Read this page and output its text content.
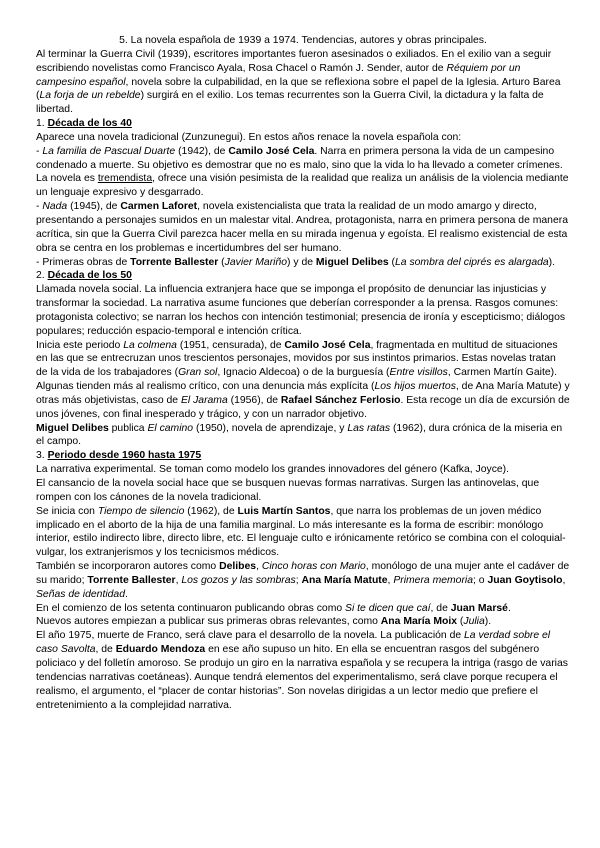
5. La novela española de 1939 a 1974. Tendencias, autores y obras principales.

Al terminar la Guerra Civil (1939), escritores importantes fueron asesinados o exiliados. En el exilio van a seguir escribiendo novelistas como Francisco Ayala, Rosa Chacel o Ramón J. Sender, autor de Réquiem por un campesino español, novela sobre la culpabilidad, en la que se reflexiona sobre el papel de la Iglesia. Arturo Barea (La forja de un rebelde) surgirá en el exilio. Los temas recurrentes son la Guerra Civil, la dictadura y la falta de libertad.

1. Década de los 40

Aparece una novela tradicional (Zunzunegui). En estos años renace la novela española con:

- La familia de Pascual Duarte (1942), de Camilo José Cela. Narra en primera persona la vida de un campesino condenado a muerte. Su objetivo es demostrar que no es malo, sino que la vida lo ha llevado a cometer crímenes. La novela es tremendista, ofrece una visión pesimista de la realidad que realiza un análisis de la violencia mediante un lenguaje expresivo y desgarrado.

- Nada (1945), de Carmen Laforet, novela existencialista que trata la realidad de un modo amargo y directo, presentando a personajes sumidos en un malestar vital. Andrea, protagonista, narra en primera persona de manera acrítica, sin que la Guerra Civil parezca hacer mella en su mirada ingenua y egoísta. El realismo existencial de esta obra se centra en los problemas e incertidumbres del ser humano.

- Primeras obras de Torrente Ballester (Javier Mariño) y de Miguel Delibes (La sombra del ciprés es alargada).

2. Década de los 50

Llamada novela social. La influencia extranjera hace que se imponga el propósito de denunciar las injusticias y transformar la sociedad. La narrativa asume funciones que deberían corresponder a la prensa. Rasgos comunes: protagonista colectivo; se narran los hechos con intención testimonial; presencia de ironía y escepticismo; diálogos populares; reducción espacio-temporal e intención crítica.

Inicia este periodo La colmena (1951, censurada), de Camilo José Cela, fragmentada en multitud de situaciones en las que se entrecruzan unos trescientos personajes, movidos por sus instintos primarios. Estas novelas tratan de la vida de los trabajadores (Gran sol, Ignacio Aldecoa) o de la burguesía (Entre visillos, Carmen Martín Gaite). Algunas tienden más al realismo crítico, con una denuncia más explícita (Los hijos muertos, de Ana María Matute) y otras más objetivistas, caso de El Jarama (1956), de Rafael Sánchez Ferlosio. Esta recoge un día de excursión de unos jóvenes, con final inesperado y trágico, y con un narrador objetivo.

Miguel Delibes publica El camino (1950), novela de aprendizaje, y Las ratas (1962), dura crónica de la miseria en el campo.

3. Periodo desde 1960 hasta 1975

La narrativa experimental. Se toman como modelo los grandes innovadores del género (Kafka, Joyce).

El cansancio de la novela social hace que se busquen nuevas formas narrativas. Surgen las antinovelas, que rompen con los cánones de la novela tradicional.

Se inicia con Tiempo de silencio (1962), de Luis Martín Santos, que narra los problemas de un joven médico implicado en el aborto de la hija de una familia marginal. Lo más interesante es la forma de escribir: monólogo interior, estilo indirecto libre, directo libre, etc. El lenguaje culto e irónicamente retórico se combina con el coloquial-vulgar, los extranjerismos y los tecnicismos médicos.

También se incorporaron autores como Delibes, Cinco horas con Mario, monólogo de una mujer ante el cadáver de su marido; Torrente Ballester, Los gozos y las sombras; Ana María Matute, Primera memoria; o Juan Goytisolo, Señas de identidad.

En el comienzo de los setenta continuaron publicando obras como Si te dicen que caí, de Juan Marsé.

Nuevos autores empiezan a publicar sus primeras obras relevantes, como Ana María Moix (Julia).

El año 1975, muerte de Franco, será clave para el desarrollo de la novela. La publicación de La verdad sobre el caso Savolta, de Eduardo Mendoza en ese año supuso un hito. En ella se encuentran rasgos del subgénero policiaco y del folletín amoroso. Se produjo un giro en la narrativa española y se recupera la intriga (rasgo de varias tendencias narrativas coetáneas). Aunque tendrá elementos del experimentalismo, será clave porque recupera el realismo, el argumento, el “placer de contar historias”. Son novelas dirigidas a un lector medio que prefiere el entretenimiento a la complejidad narrativa.
